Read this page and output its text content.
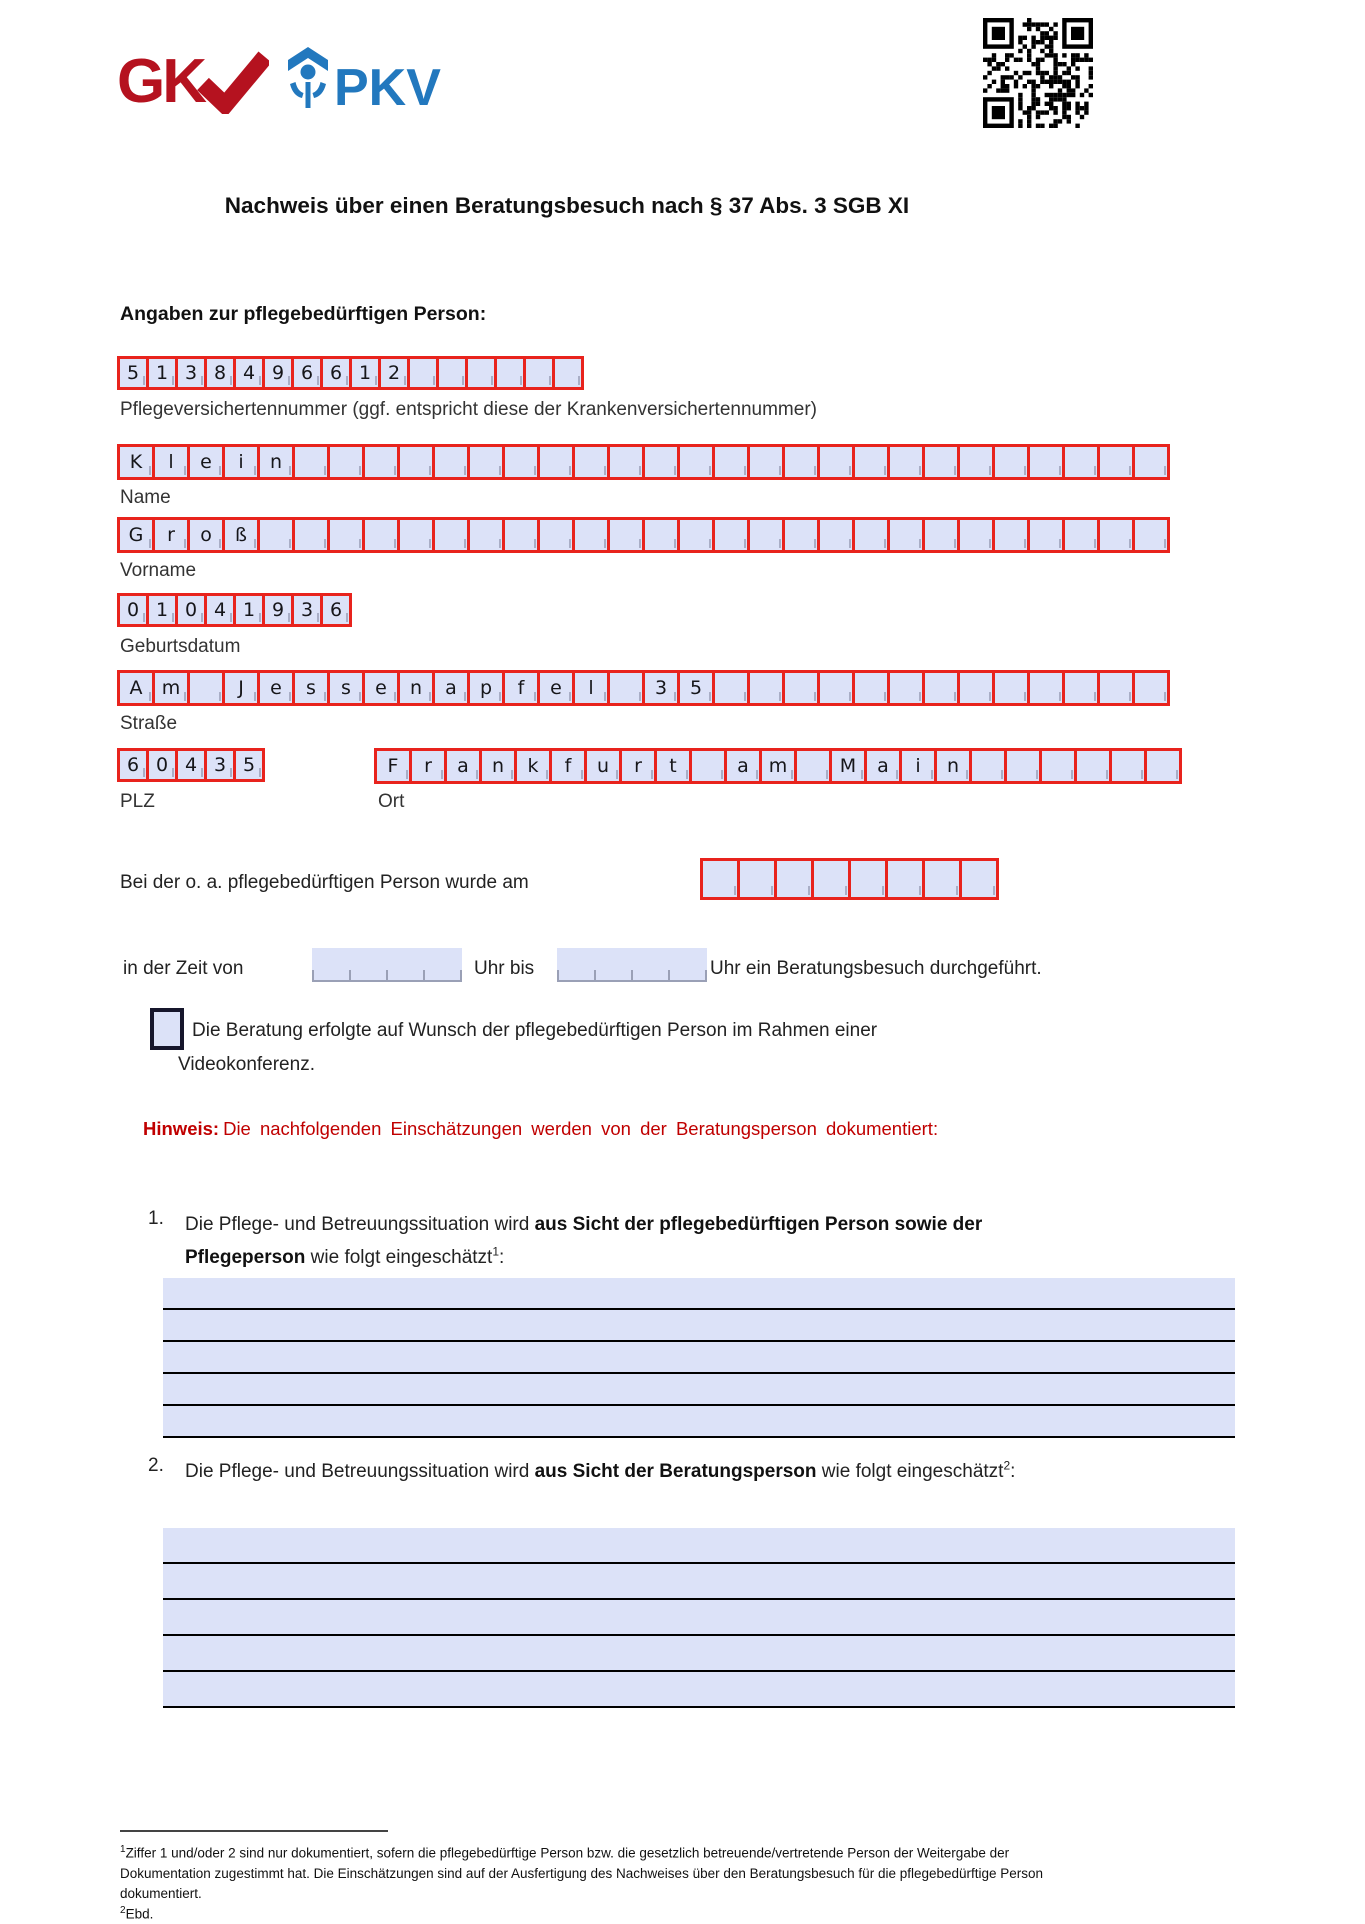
GK	PKV
Nachweis über einen Beratungsbesuch nach § 37 Abs. 3 SGB XI
Angaben zur pflegebedürftigen Person:
5 1 3 8 4 9 6 6 1 2
Pflegeversichertennummer (ggf. entspricht diese der Krankenversichertennummer)
K	l	e	i	n
Name
G	r	o	ß
Vorname
0 1 0 4 1 9 3 6
Geburtsdatum
A	m	J	e	s	s	e	n	a	p	f	e	l	3	5
Straße
6 0 4 3 5	F	r	a	n	k	f	u	r	t	a	m	M	a	i	n
PLZ	Ort
Bei der o. a. pflegebedürftigen Person wurde am
in der Zeit von	Uhr bis	Uhr ein Beratungsbesuch durchgeführt.
Die Beratung erfolgte auf Wunsch der pflegebedürftigen Person im Rahmen einer Videokonferenz.
Hinweis: Die nachfolgenden Einschätzungen werden von der Beratungsperson dokumentiert:
1.	Die Pflege- und Betreuungssituation wird aus Sicht der pflegebedürftigen Person sowie der Pflegeperson wie folgt eingeschätzt$^1$:
2.	Die Pflege- und Betreuungssituation wird aus Sicht der Beratungsperson wie folgt eingeschätzt$^2$:
$^1$Ziffer 1 und/oder 2 sind nur dokumentiert, sofern die pflegebedürftige Person bzw. die gesetzlich betreuende/vertretende Person der Weitergabe der Dokumentation zugestimmt hat. Die Einschätzungen sind auf der Ausfertigung des Nachweises über den Beratungsbesuch für die pflegebedürftige Person dokumentiert.
$^2$Ebd.
